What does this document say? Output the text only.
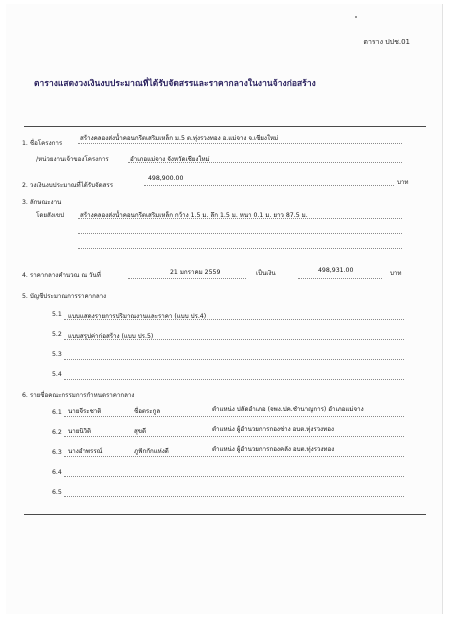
ตาราง ปปช.01
ตารางแสดงวงเงินงบประมาณที่ได้รับจัดสรรและราคากลางในงานจ้างก่อสร้าง
1. ชื่อโครงการ
สร้างคลองส่งน้ำคอนกรีตเสริมเหล็ก ม.5 ต.ทุ่งรวงทอง อ.แม่จาง จ.เชียงใหม่
/หน่วยงานเจ้าของโครงการ	อำเภอแม่จาง จังหวัดเชียงใหม่
2. วงเงินงบประมาณที่ได้รับจัดสรร
498,900.00
บาท
3. ลักษณะงาน
โดยสังเขป	สร้างคลองส่งน้ำคอนกรีตเสริมเหล็ก กว้าง 1.5 ม. ลึก 1.5 ม. หนา 0.1 ม. ยาว 87.5 ม.
4. ราคากลางคำนวณ ณ วันที่	21 มกราคม 2559	เป็นเงิน	498,931.00	บาท
5. บัญชีประมาณการราคากลาง
5.1 แบบแสดงรายการปริมาณงานและราคา (แบบ ปร.4)
5.2 แบบสรุปค่าก่อสร้าง (แบบ ปร.5)
5.3
5.4
6. รายชื่อคณะกรรมการกำหนดราคากลาง
6.1 นายจีระชาติ	ชื่อตระกูล	ตำแหน่ง ปลัดอำเภอ (จพง.ปค.ชำนาญการ) อำเภอแม่จาง
6.2 นายนิวิติ	สุขดี	ตำแหน่ง ผู้อำนวยการกองช่าง อบต.ทุ่งรวงทอง
6.3 นางอำพรรณ์	ภูฟักกักแห่งดี	ตำแหน่ง ผู้อำนวยการกองคลัง อบต.ทุ่งรวงทอง
6.4
6.5
